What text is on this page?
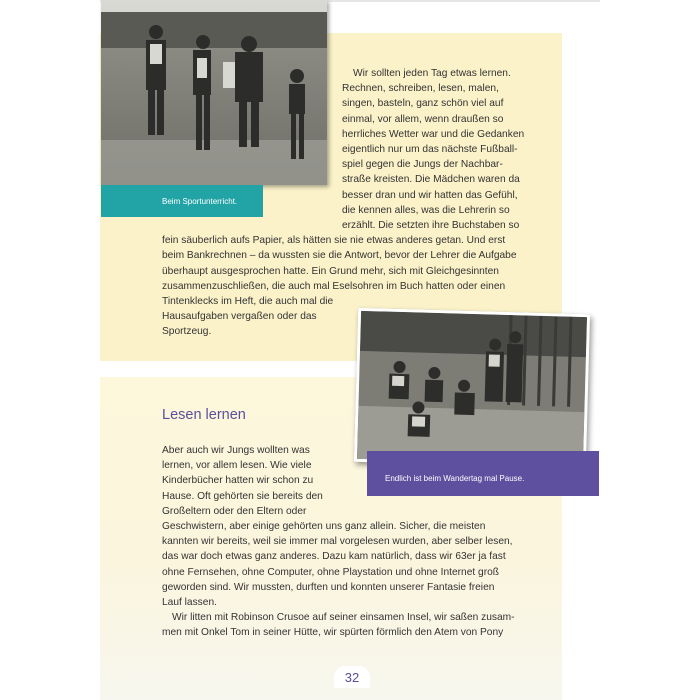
Beim Sportunterricht.
Wir sollten jeden Tag etwas lernen.
Rechnen, schreiben, lesen, malen,
singen, basteln, ganz schön viel auf
einmal, vor allem, wenn draußen so
herrliches Wetter war und die Gedanken
eigentlich nur um das nächste Fußball-
spiel gegen die Jungs der Nachbar-
straße kreisten. Die Mädchen waren da
besser dran und wir hatten das Gefühl,
die kennen alles, was die Lehrerin so
erzählt. Die setzten ihre Buchstaben so
fein säuberlich aufs Papier, als hätten sie nie etwas anderes getan. Und erst
beim Bankrechnen – da wussten sie die Antwort, bevor der Lehrer die Aufgabe
überhaupt ausgesprochen hatte. Ein Grund mehr, sich mit Gleichgesinnten
zusammenzuschließen, die auch mal Eselsohren im Buch hatten oder einen
Tintenklecks im Heft, die auch mal die
Hausaufgaben vergaßen oder das
Sportzeug.
Endlich ist beim Wandertag mal Pause.
Lesen lernen
Aber auch wir Jungs wollten was
lernen, vor allem lesen. Wie viele
Kinderbücher hatten wir schon zu
Hause. Oft gehörten sie bereits den
Großeltern oder den Eltern oder
Geschwistern, aber einige gehörten uns ganz allein. Sicher, die meisten
kannten wir bereits, weil sie immer mal vorgelesen wurden, aber selber lesen,
das war doch etwas ganz anderes. Dazu kam natürlich, dass wir 63er ja fast
ohne Fernsehen, ohne Computer, ohne Playstation und ohne Internet groß
geworden sind. Wir mussten, durften und konnten unserer Fantasie freien
Lauf lassen.
Wir litten mit Robinson Crusoe auf seiner einsamen Insel, wir saßen zusam-
men mit Onkel Tom in seiner Hütte, wir spürten förmlich den Atem von Pony
32
